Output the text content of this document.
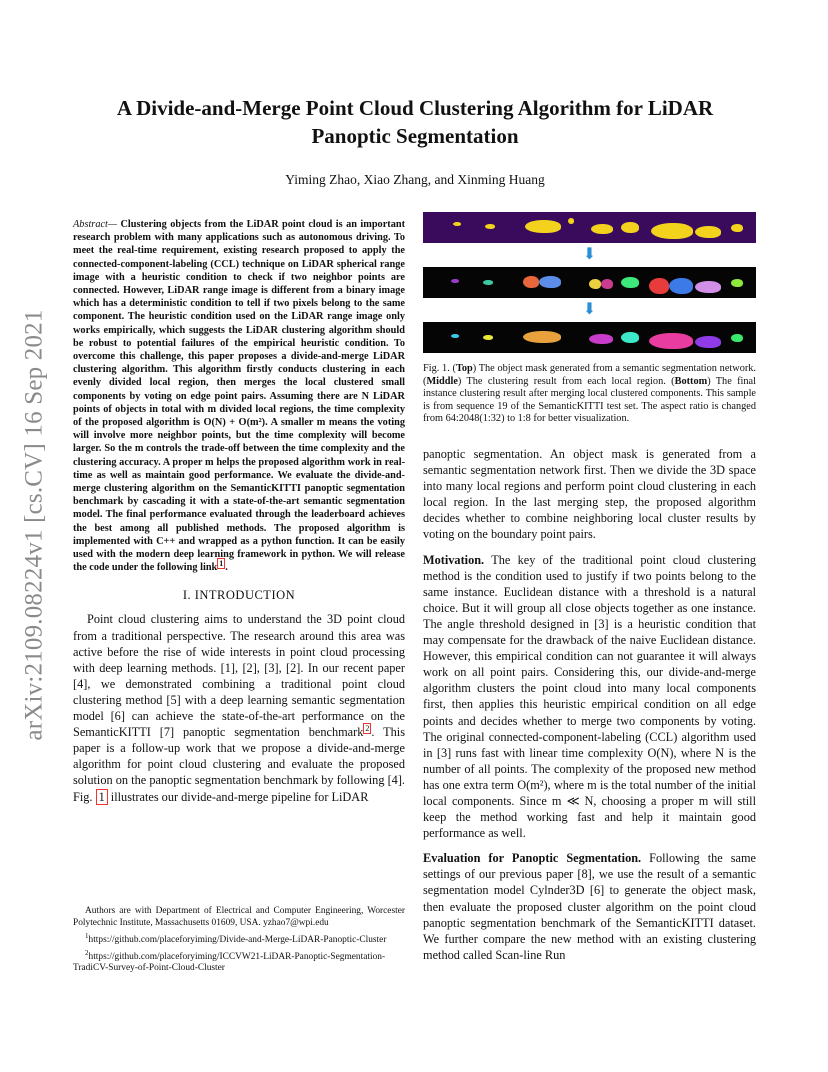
arXiv:2109.08224v1 [cs.CV] 16 Sep 2021
A Divide-and-Merge Point Cloud Clustering Algorithm for LiDAR
Panoptic Segmentation
Yiming Zhao, Xiao Zhang, and Xinming Huang

Abstract— Clustering objects from the LiDAR point cloud is an important research problem with many applications such as autonomous driving. To meet the real-time requirement, existing research proposed to apply the connected-component-labeling (CCL) technique on LiDAR spherical range image with a heuristic condition to check if two neighbor points are connected. However, LiDAR range image is different from a binary image which has a deterministic condition to tell if two pixels belong to the same component. The heuristic condition used on the LiDAR range image only works empirically, which suggests the LiDAR clustering algorithm should be robust to potential failures of the empirical heuristic condition. To overcome this challenge, this paper proposes a divide-and-merge LiDAR clustering algorithm. This algorithm firstly conducts clustering in each evenly divided local region, then merges the local clustered small components by voting on edge point pairs. Assuming there are N LiDAR points of objects in total with m divided local regions, the time complexity of the proposed algorithm is O(N) + O(m²). A smaller m means the voting will involve more neighbor points, but the time complexity will become larger. So the m controls the trade-off between the time complexity and the clustering accuracy. A proper m helps the proposed algorithm work in real-time as well as maintain good performance. We evaluate the divide-and-merge clustering algorithm on the SemanticKITTI panoptic segmentation benchmark by cascading it with a state-of-the-art semantic segmentation model. The final performance evaluated through the leaderboard achieves the best among all published methods. The proposed algorithm is implemented with C++ and wrapped as a python function. It can be easily used with the modern deep learning framework in python. We will release the code under the following link $^1$ .

I. INTRODUCTION

Point cloud clustering aims to understand the 3D point cloud from a traditional perspective. The research around this area was active before the rise of wide interests in point cloud processing with deep learning methods. [1], [2], [3], [2]. In our recent paper [4], we demonstrated combining a traditional point cloud clustering method [5] with a deep learning semantic segmentation model [6] can achieve the state-of-the-art performance on the SemanticKITTI [7] panoptic segmentation benchmark $^2$ . This paper is a follow-up work that we propose a divide-and-merge algorithm for point cloud clustering and evaluate the proposed solution on the panoptic segmentation benchmark by following [4]. Fig. 1 illustrates our divide-and-merge pipeline for LiDAR

Authors are with Department of Electrical and Computer Engineering, Worcester Polytechnic Institute, Massachusetts 01609, USA. yzhao7@wpi.edu

$^1$https://github.com/placeforyiming/Divide-and-Merge-LiDAR-Panoptic-Cluster

$^2$https://github.com/placeforyiming/ICCVW21-LiDAR-Panoptic-Segmentation-TradiCV-Survey-of-Point-Cloud-Cluster

⬇
⬇

Fig. 1. (Top) The object mask generated from a semantic segmentation network. (Middle) The clustering result from each local region. (Bottom) The final instance clustering result after merging local clustered components. This sample is from sequence 19 of the SemanticKITTI test set. The aspect ratio is changed from 64:2048(1:32) to 1:8 for better visualization.

panoptic segmentation. An object mask is generated from a semantic segmentation network first. Then we divide the 3D space into many local regions and perform point cloud clustering in each local region. In the last merging step, the proposed algorithm decides whether to combine neighboring local cluster results by voting on the boundary point pairs.

Motivation. The key of the traditional point cloud clustering method is the condition used to justify if two points belong to the same instance. Euclidean distance with a threshold is a natural choice. But it will group all close objects together as one instance. The angle threshold designed in [3] is a heuristic condition that may compensate for the drawback of the naive Euclidean distance. However, this empirical condition can not guarantee it will always work on all point pairs. Considering this, our divide-and-merge algorithm clusters the point cloud into many local components first, then applies this heuristic empirical condition on all edge points and decides whether to merge two components by voting. The original connected-component-labeling (CCL) algorithm used in [3] runs fast with linear time complexity O(N), where N is the number of all points. The complexity of the proposed new method has one extra term O(m²), where m is the total number of the initial local components. Since m ≪ N, choosing a proper m will still keep the method working fast and help it maintain good performance as well.

Evaluation for Panoptic Segmentation. Following the same settings of our previous paper [8], we use the result of a semantic segmentation model Cylnder3D [6] to generate the object mask, then evaluate the proposed cluster algorithm on the point cloud panoptic segmentation benchmark of the SemanticKITTI dataset. We further compare the new method with an existing clustering method called Scan-line Run
